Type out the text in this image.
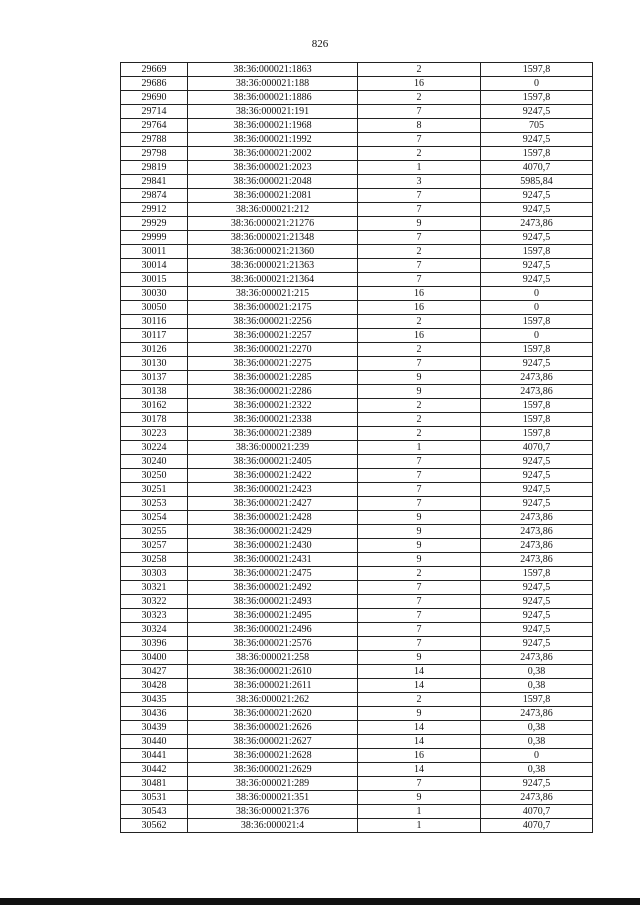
826
29669	38:36:000021:1863	2	1597,8
29686	38:36:000021:188	16	0
29690	38:36:000021:1886	2	1597,8
29714	38:36:000021:191	7	9247,5
29764	38:36:000021:1968	8	705
29788	38:36:000021:1992	7	9247,5
29798	38:36:000021:2002	2	1597,8
29819	38:36:000021:2023	1	4070,7
29841	38:36:000021:2048	3	5985,84
29874	38:36:000021:2081	7	9247,5
29912	38:36:000021:212	7	9247,5
29929	38:36:000021:21276	9	2473,86
29999	38:36:000021:21348	7	9247,5
30011	38:36:000021:21360	2	1597,8
30014	38:36:000021:21363	7	9247,5
30015	38:36:000021:21364	7	9247,5
30030	38:36:000021:215	16	0
30050	38:36:000021:2175	16	0
30116	38:36:000021:2256	2	1597,8
30117	38:36:000021:2257	16	0
30126	38:36:000021:2270	2	1597,8
30130	38:36:000021:2275	7	9247,5
30137	38:36:000021:2285	9	2473,86
30138	38:36:000021:2286	9	2473,86
30162	38:36:000021:2322	2	1597,8
30178	38:36:000021:2338	2	1597,8
30223	38:36:000021:2389	2	1597,8
30224	38:36:000021:239	1	4070,7
30240	38:36:000021:2405	7	9247,5
30250	38:36:000021:2422	7	9247,5
30251	38:36:000021:2423	7	9247,5
30253	38:36:000021:2427	7	9247,5
30254	38:36:000021:2428	9	2473,86
30255	38:36:000021:2429	9	2473,86
30257	38:36:000021:2430	9	2473,86
30258	38:36:000021:2431	9	2473,86
30303	38:36:000021:2475	2	1597,8
30321	38:36:000021:2492	7	9247,5
30322	38:36:000021:2493	7	9247,5
30323	38:36:000021:2495	7	9247,5
30324	38:36:000021:2496	7	9247,5
30396	38:36:000021:2576	7	9247,5
30400	38:36:000021:258	9	2473,86
30427	38:36:000021:2610	14	0,38
30428	38:36:000021:2611	14	0,38
30435	38:36:000021:262	2	1597,8
30436	38:36:000021:2620	9	2473,86
30439	38:36:000021:2626	14	0,38
30440	38:36:000021:2627	14	0,38
30441	38:36:000021:2628	16	0
30442	38:36:000021:2629	14	0,38
30481	38:36:000021:289	7	9247,5
30531	38:36:000021:351	9	2473,86
30543	38:36:000021:376	1	4070,7
30562	38:36:000021:4	1	4070,7
